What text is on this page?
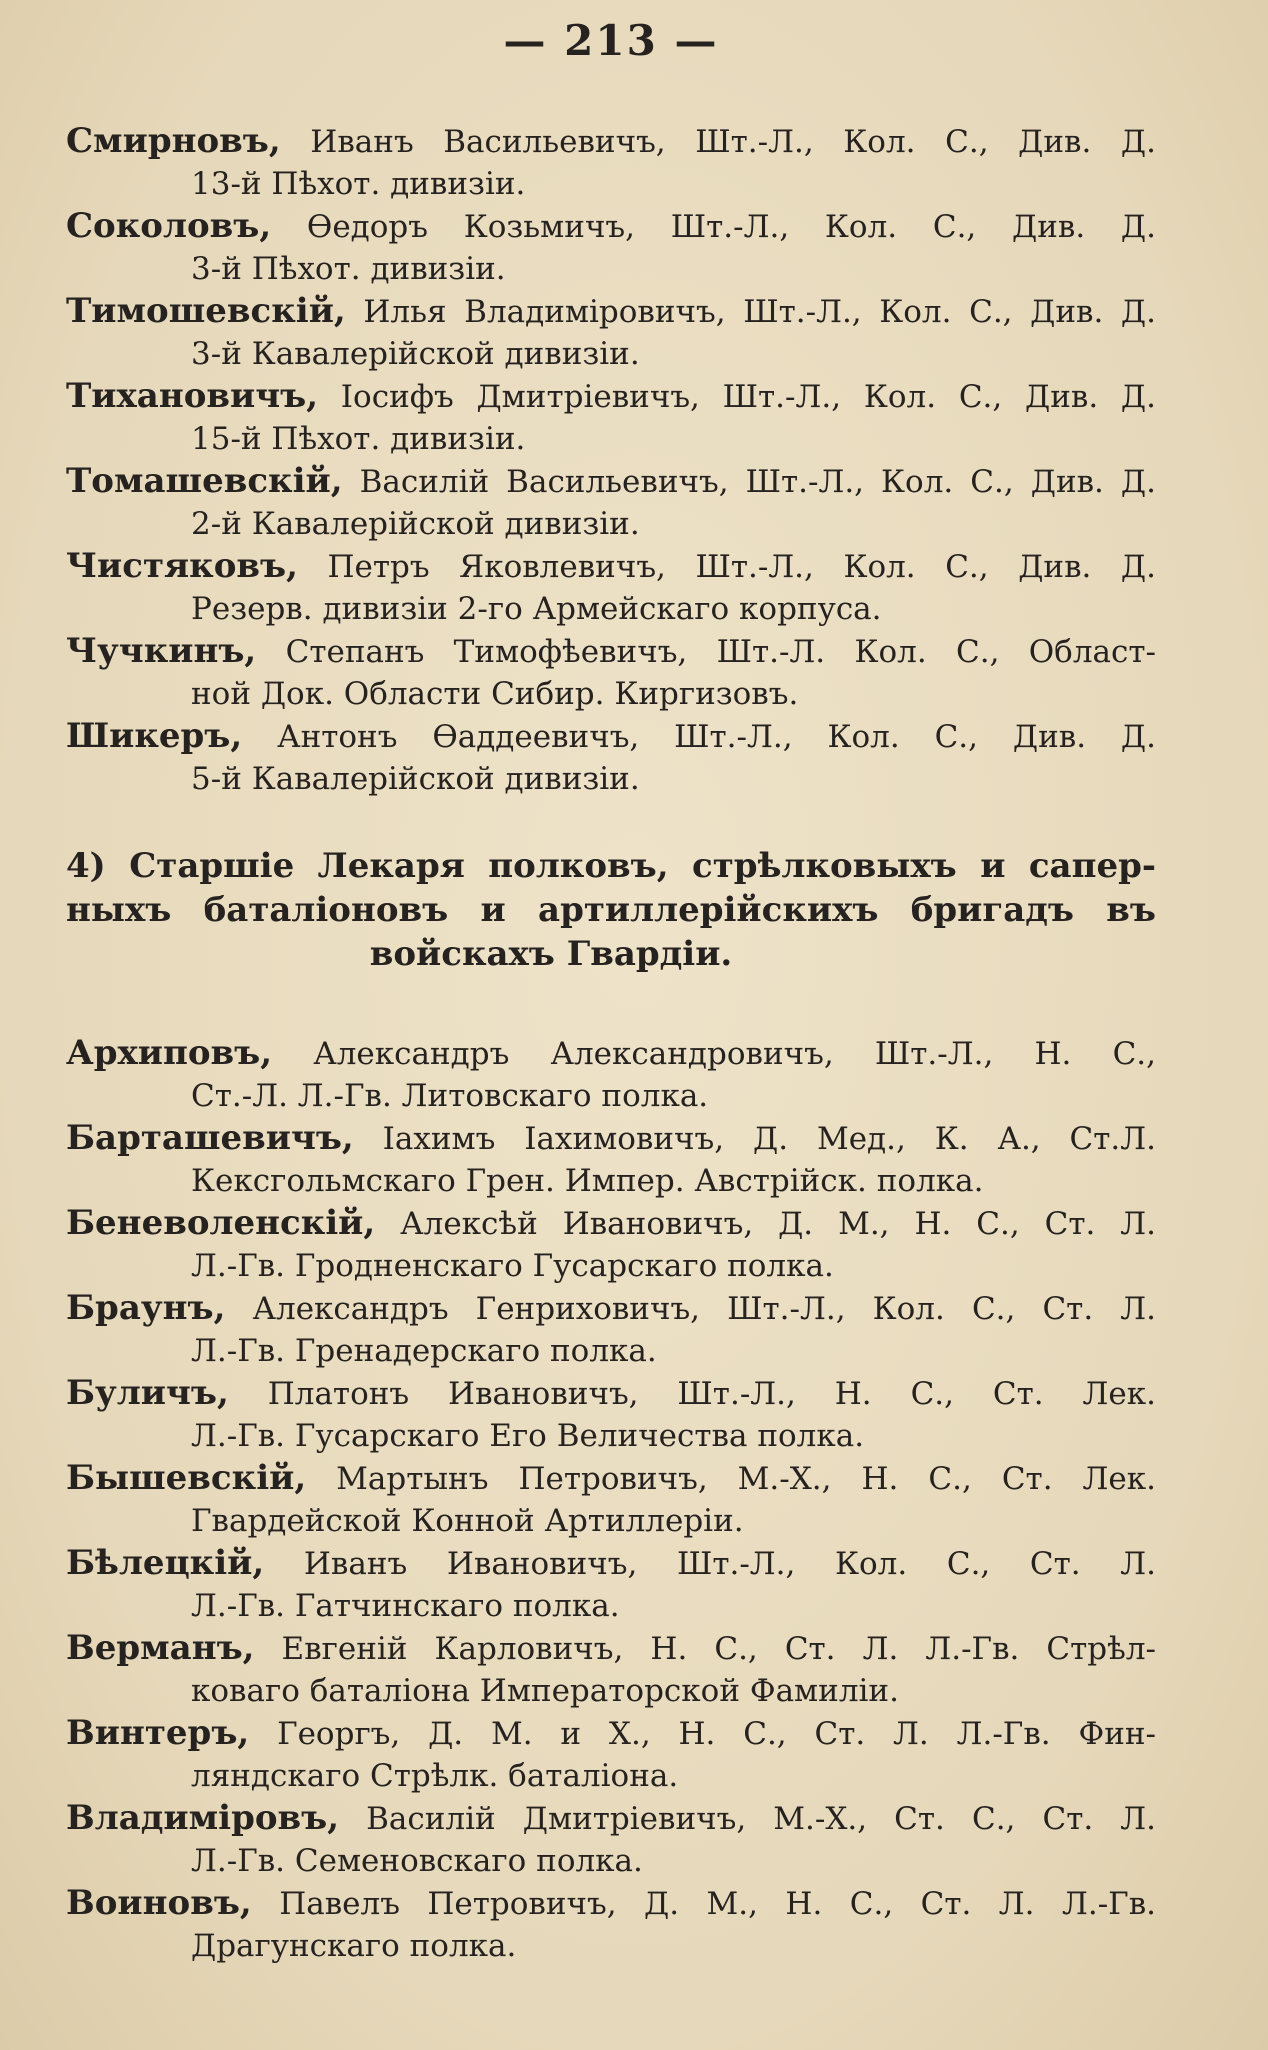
— 213 —
Смирновъ, Иванъ Васильевичъ, Шт.-Л., Кол. С., Див. Д.
13-й Пѣхот. дивизіи.
Соколовъ, Ѳедоръ Козьмичъ, Шт.-Л., Кол. С., Див. Д.
3-й Пѣхот. дивизіи.
Тимошевскій, Илья Владиміровичъ, Шт.-Л., Кол. С., Див. Д.
3-й Кавалерійской дивизіи.
Тихановичъ, Іосифъ Дмитріевичъ, Шт.-Л., Кол. С., Див. Д.
15-й Пѣхот. дивизіи.
Томашевскій, Василій Васильевичъ, Шт.-Л., Кол. С., Див. Д.
2-й Кавалерійской дивизіи.
Чистяковъ, Петръ Яковлевичъ, Шт.-Л., Кол. С., Див. Д.
Резерв. дивизіи 2-го Армейскаго корпуса.
Чучкинъ, Степанъ Тимофѣевичъ, Шт.-Л. Кол. С., Област-
ной Док. Области Сибир. Киргизовъ.
Шикеръ, Антонъ Ѳаддеевичъ, Шт.-Л., Кол. С., Див. Д.
5-й Кавалерійской дивизіи.
4) Старшіе Лекаря полковъ, стрѣлковыхъ и сапер-
ныхъ баталіоновъ и артиллерійскихъ бригадъ въ
войскахъ Гвардіи.
Архиповъ, Александръ Александровичъ, Шт.-Л., Н. С.,
Ст.-Л. Л.-Гв. Литовскаго полка.
Барташевичъ, Іахимъ Іахимовичъ, Д. Мед., К. А., Ст.Л.
Кексгольмскаго Грен. Импер. Австрійск. полка.
Беневоленскій, Алексѣй Ивановичъ, Д. М., Н. С., Ст. Л.
Л.-Гв. Гродненскаго Гусарскаго полка.
Браунъ, Александръ Генриховичъ, Шт.-Л., Кол. С., Ст. Л.
Л.-Гв. Гренадерскаго полка.
Буличъ, Платонъ Ивановичъ, Шт.-Л., Н. С., Ст. Лек.
Л.-Гв. Гусарскаго Его Величества полка.
Бышевскій, Мартынъ Петровичъ, М.-Х., Н. С., Ст. Лек.
Гвардейской Конной Артиллеріи.
Бѣлецкій, Иванъ Ивановичъ, Шт.-Л., Кол. С., Ст. Л.
Л.-Гв. Гатчинскаго полка.
Верманъ, Евгеній Карловичъ, Н. С., Ст. Л. Л.-Гв. Стрѣл-
коваго баталіона Императорской Фамиліи.
Винтеръ, Георгъ, Д. М. и Х., Н. С., Ст. Л. Л.-Гв. Фин-
ляндскаго Стрѣлк. баталіона.
Владиміровъ, Василій Дмитріевичъ, М.-Х., Ст. С., Ст. Л.
Л.-Гв. Семеновскаго полка.
Воиновъ, Павелъ Петровичъ, Д. М., Н. С., Ст. Л. Л.-Гв.
Драгунскаго полка.
